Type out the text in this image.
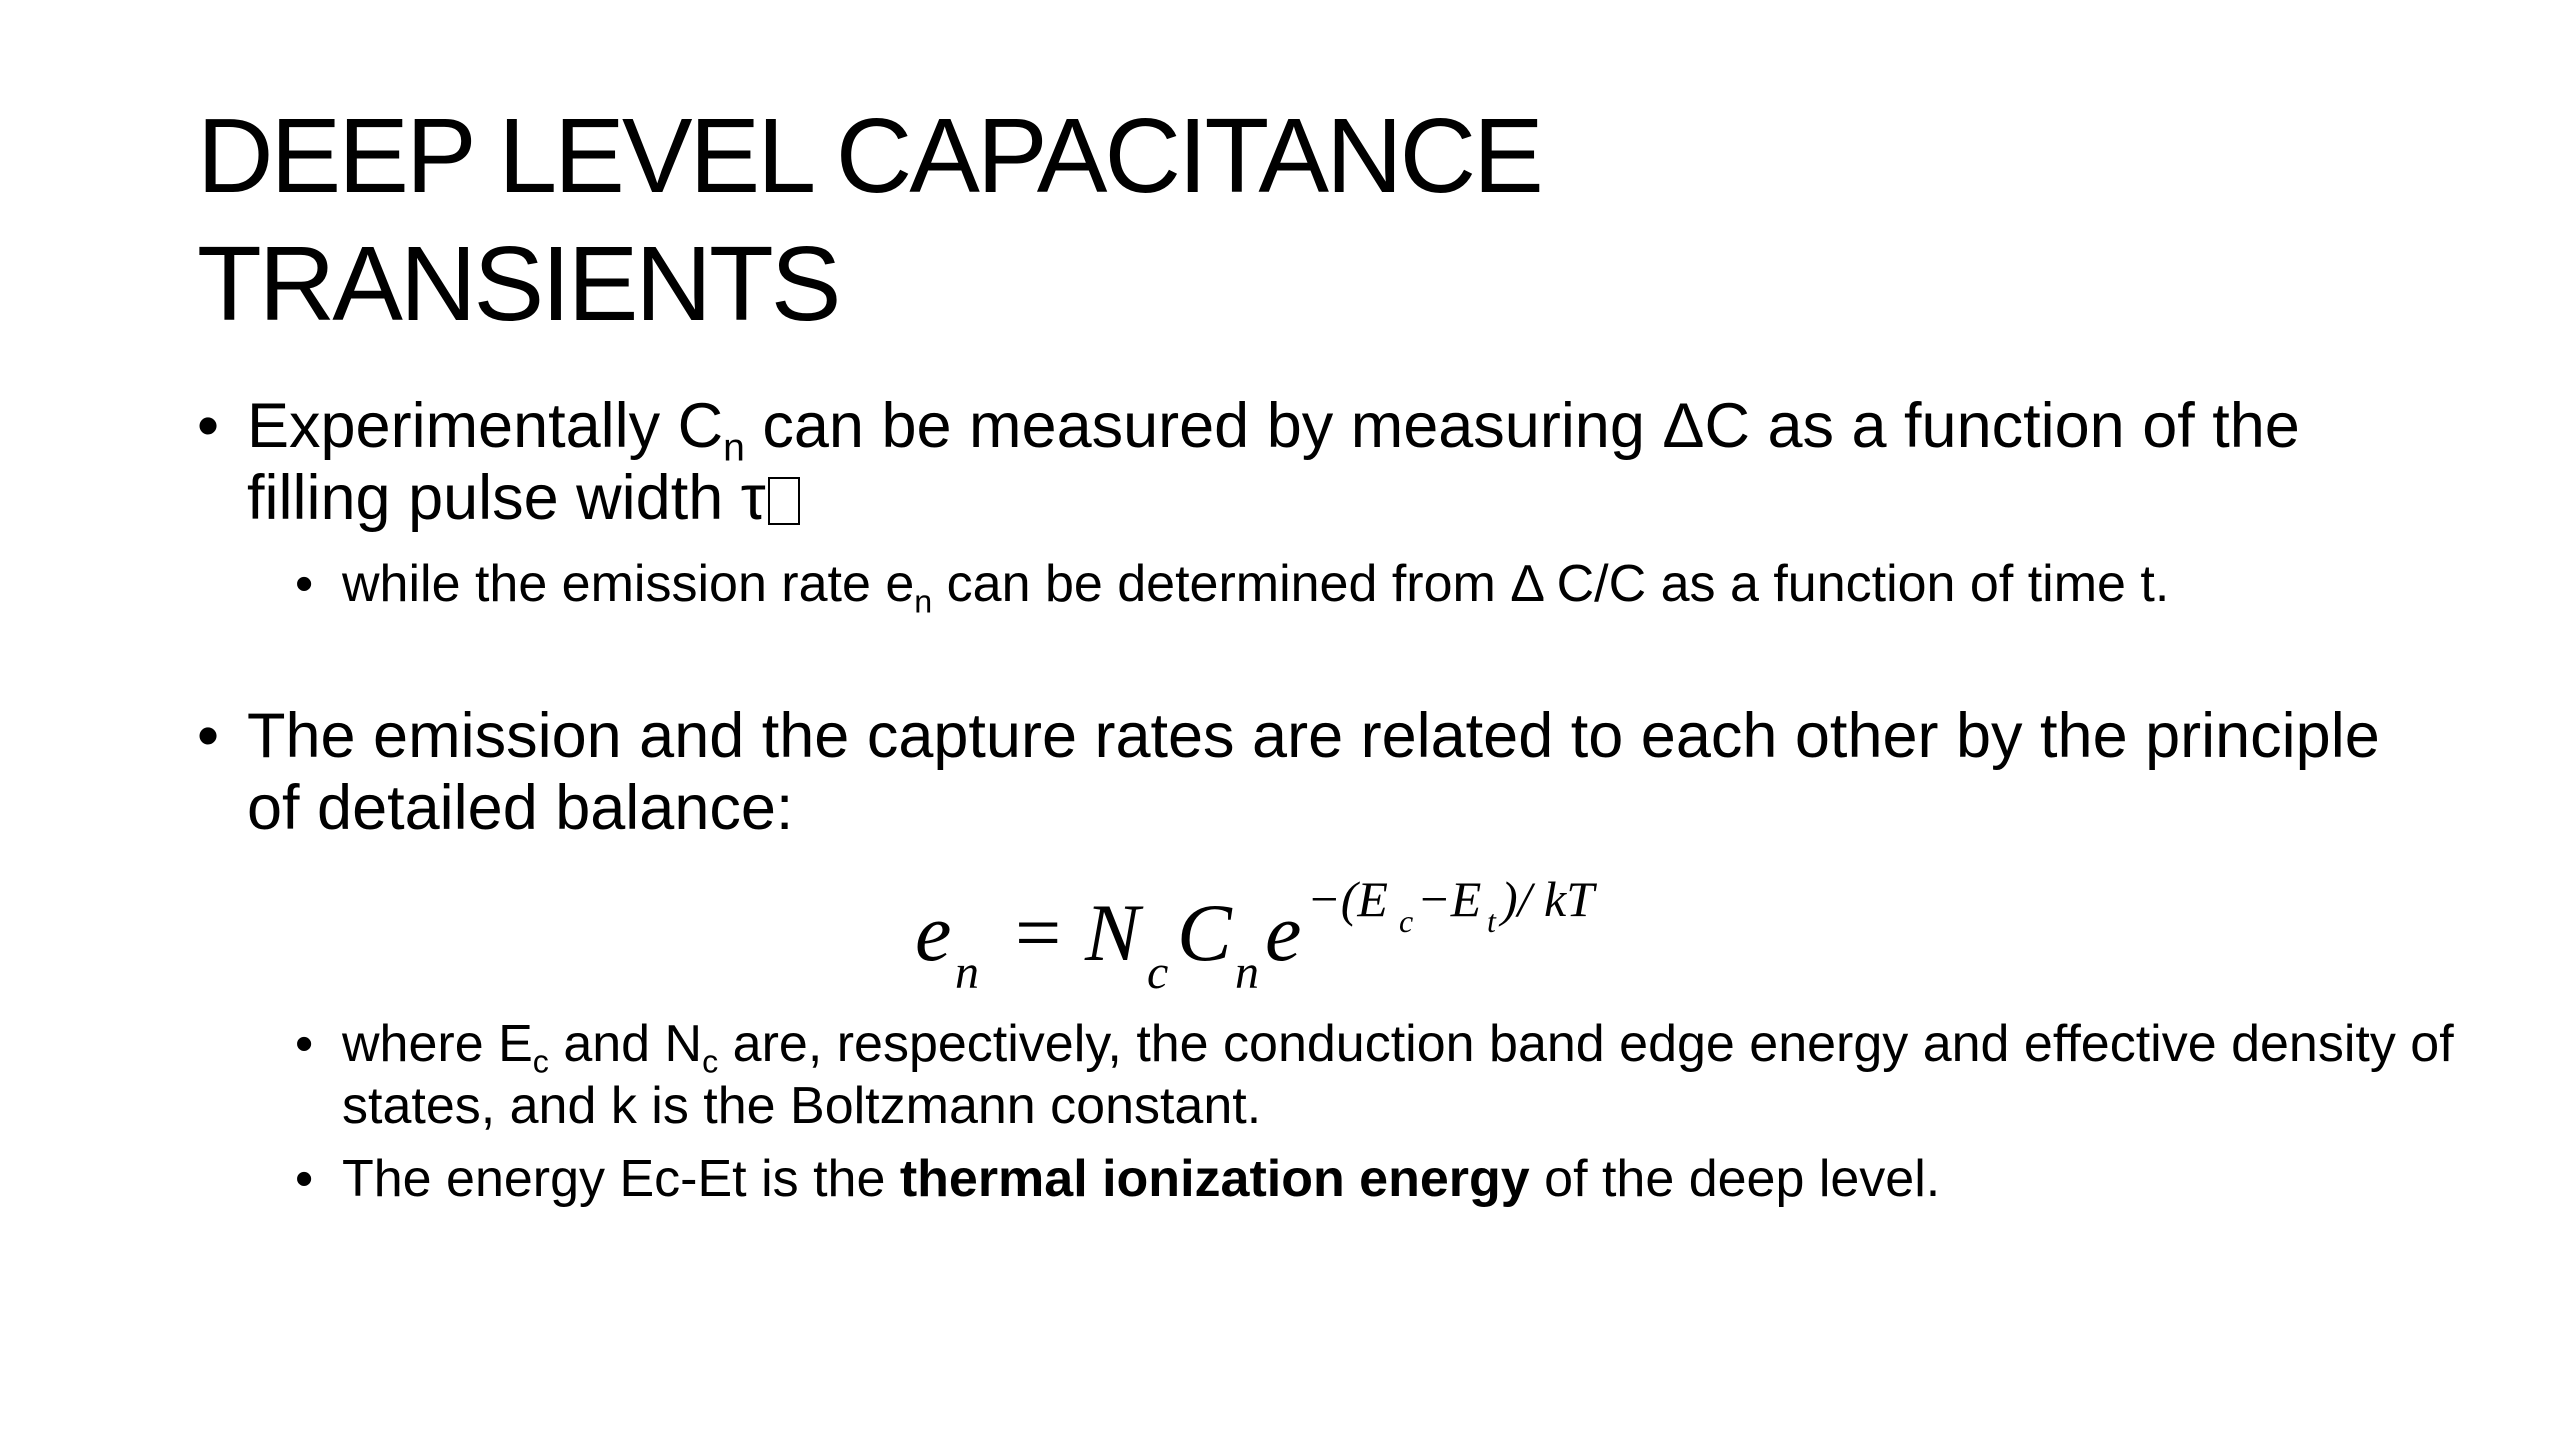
DEEP LEVEL CAPACITANCE
TRANSIENTS
• Experimentally $C_n$ can be measured by measuring ΔC as a function of the filling pulse width τ
• while the emission rate $e_n$ can be determined from Δ C/C as a function of time t.
• The emission and the capture rates are related to each other by the principle of detailed balance:
e n = N c C n e −(E c −E t )/ kT
• where $E_c$ and $N_c$ are, respectively, the conduction band edge energy and effective density of states, and k is the Boltzmann constant.
• The energy Ec-Et is the thermal ionization energy of the deep level.
